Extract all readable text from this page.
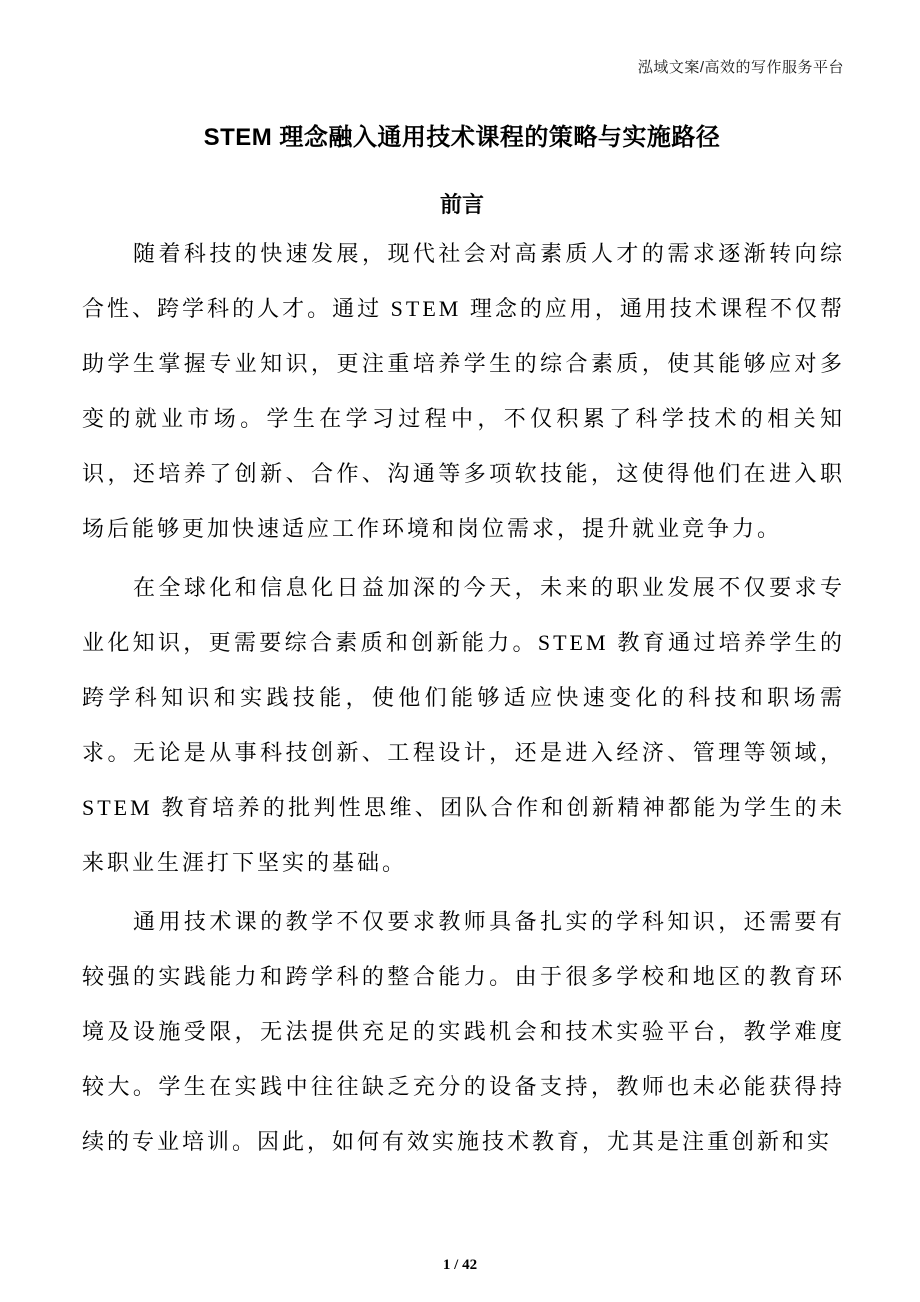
泓域文案/高效的写作服务平台
STEM 理念融入通用技术课程的策略与实施路径
前言

随着科技的快速发展，现代社会对高素质人才的需求逐渐转向综合性、跨学科的人才。通过 STEM 理念的应用，通用技术课程不仅帮助学生掌握专业知识，更注重培养学生的综合素质，使其能够应对多变的就业市场。学生在学习过程中，不仅积累了科学技术的相关知识，还培养了创新、合作、沟通等多项软技能，这使得他们在进入职场后能够更加快速适应工作环境和岗位需求，提升就业竞争力。

在全球化和信息化日益加深的今天，未来的职业发展不仅要求专业化知识，更需要综合素质和创新能力。STEM 教育通过培养学生的跨学科知识和实践技能，使他们能够适应快速变化的科技和职场需求。无论是从事科技创新、工程设计，还是进入经济、管理等领域，STEM 教育培养的批判性思维、团队合作和创新精神都能为学生的未来职业生涯打下坚实的基础。

通用技术课的教学不仅要求教师具备扎实的学科知识，还需要有较强的实践能力和跨学科的整合能力。由于很多学校和地区的教育环境及设施受限，无法提供充足的实践机会和技术实验平台，教学难度较大。学生在实践中往往缺乏充分的设备支持，教师也未必能获得持续的专业培训。因此，如何有效实施技术教育，尤其是注重创新和实

1 / 42
